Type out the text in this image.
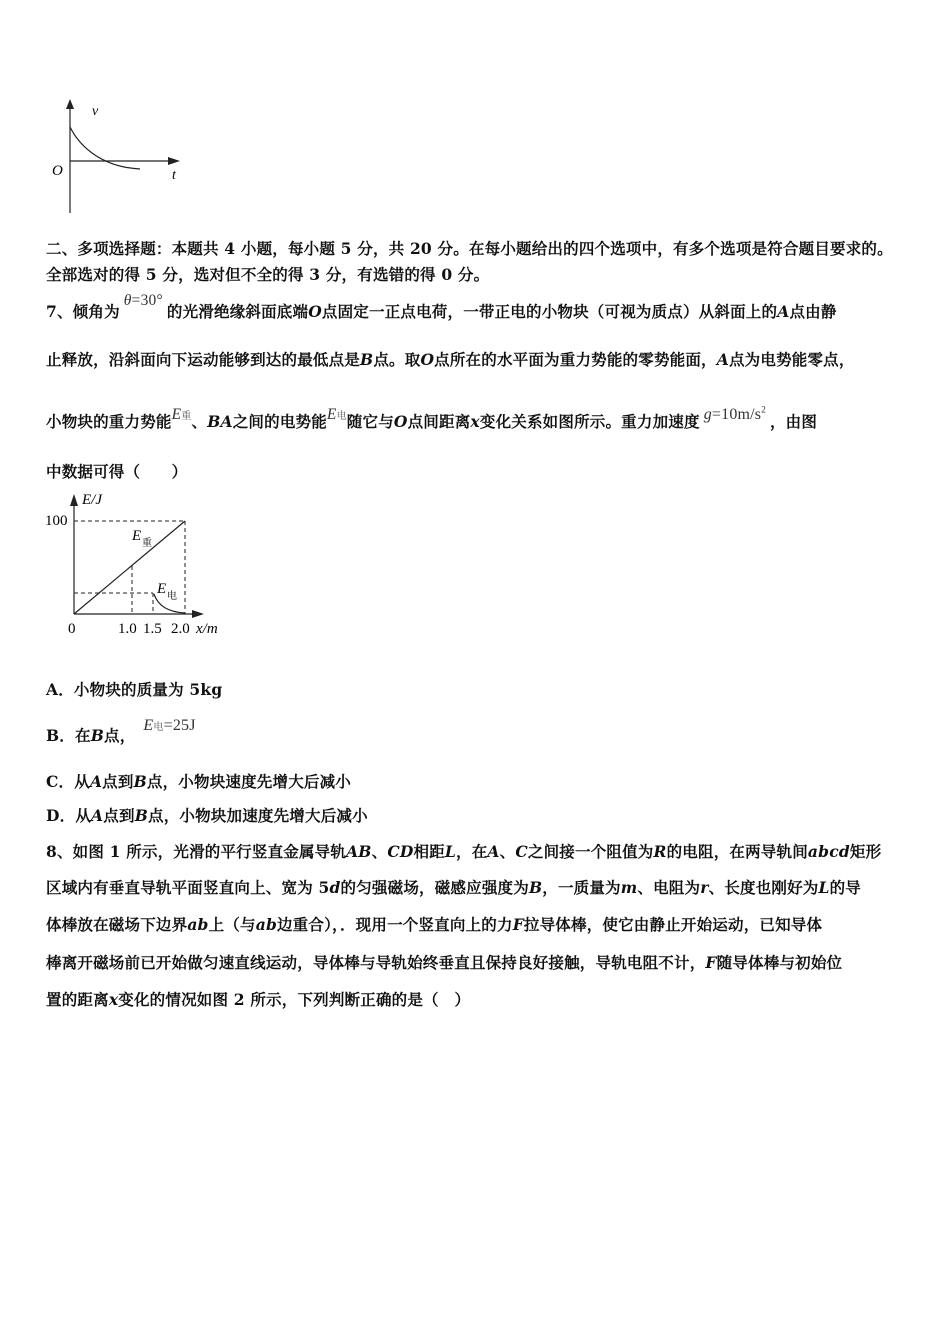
v
t
O
二、多项选择题：本题共 4 小题，每小题 5 分，共 20 分。在每小题给出的四个选项中，有多个选项是符合题目要求的。
全部选对的得 5 分，选对但不全的得 3 分，有选错的得 0 分。
7、倾角为θ=30°的光滑绝缘斜面底端O点固定一正点电荷，一带正电的小物块（可视为质点）从斜面上的A点由静
止释放，沿斜面向下运动能够到达的最低点是B点。取O点所在的水平面为重力势能的零势能面，A点为电势能零点，
小物块的重力势能E重、BA之间的电势能E电随它与O点间距离x变化关系如图所示。重力加速度 $g=10m/s^2$，由图
中数据可得（　　）
E/J
100
0	1.0 1.5 2.0 x/m
E 重
E 电
A．小物块的质量为 5kg
B．在B点，E电=25J
C．从A点到B点，小物块速度先增大后减小
D．从A点到B点，小物块加速度先增大后减小
8、如图 1 所示，光滑的平行竖直金属导轨AB、CD相距L，在A、C之间接一个阻值为R的电阻，在两导轨间abcd矩形
区域内有垂直导轨平面竖直向上、宽为 5d的匀强磁场，磁感应强度为B，一质量为m、电阻为r、长度也刚好为L的导
体棒放在磁场下边界ab上（与ab边重合），．现用一个竖直向上的力F拉导体棒，使它由静止开始运动，已知导体
棒离开磁场前已开始做匀速直线运动，导体棒与导轨始终垂直且保持良好接触，导轨电阻不计，F随导体棒与初始位
置的距离x变化的情况如图 2 所示，下列判断正确的是（　）
